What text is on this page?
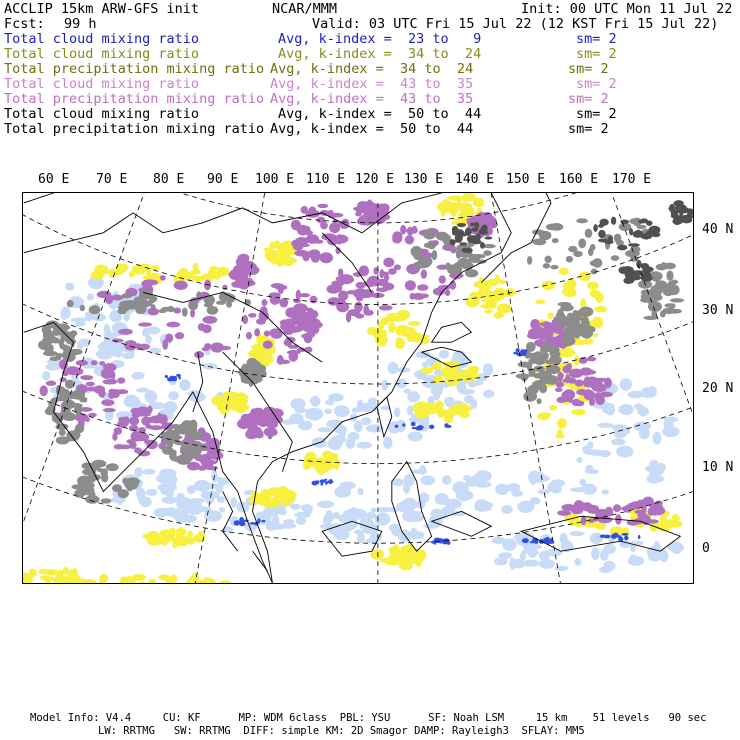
ACCLIP 15km ARW-GFS init	NCAR/MMM	Init: 00 UTC Mon 11 Jul 22
Fcst: 99 h	Valid: 03 UTC Fri 15 Jul 22 (12 KST Fri 15 Jul 22)
Total cloud mixing ratio	Avg, k-index =  23 to   9	sm= 2
Total cloud mixing ratio	Avg, k-index =  34 to  24	sm= 2
Total precipitation mixing ratio Avg, k-index =  34 to  24	sm= 2
Total cloud mixing ratio	Avg, k-index =  43 to  35	sm= 2
Total precipitation mixing ratio Avg, k-index =  43 to  35	sm= 2
Total cloud mixing ratio	Avg, k-index =  50 to  44	sm= 2
Total precipitation mixing ratio Avg, k-index =  50 to  44	sm= 2
60 E 70 E 80 E 90 E 100 E 110 E 120 E 130 E 140 E 150 E 160 E 170 E
40 N
30 N
20 N
10 N
0
Model Info: V4.4     CU: KF      MP: WDM 6class  PBL: YSU      SF: Noah LSM     15 km    51 levels   90 sec
LW: RRTMG   SW: RRTMG  DIFF: simple KM: 2D Smagor DAMP: Rayleigh3  SFLAY: MM5
